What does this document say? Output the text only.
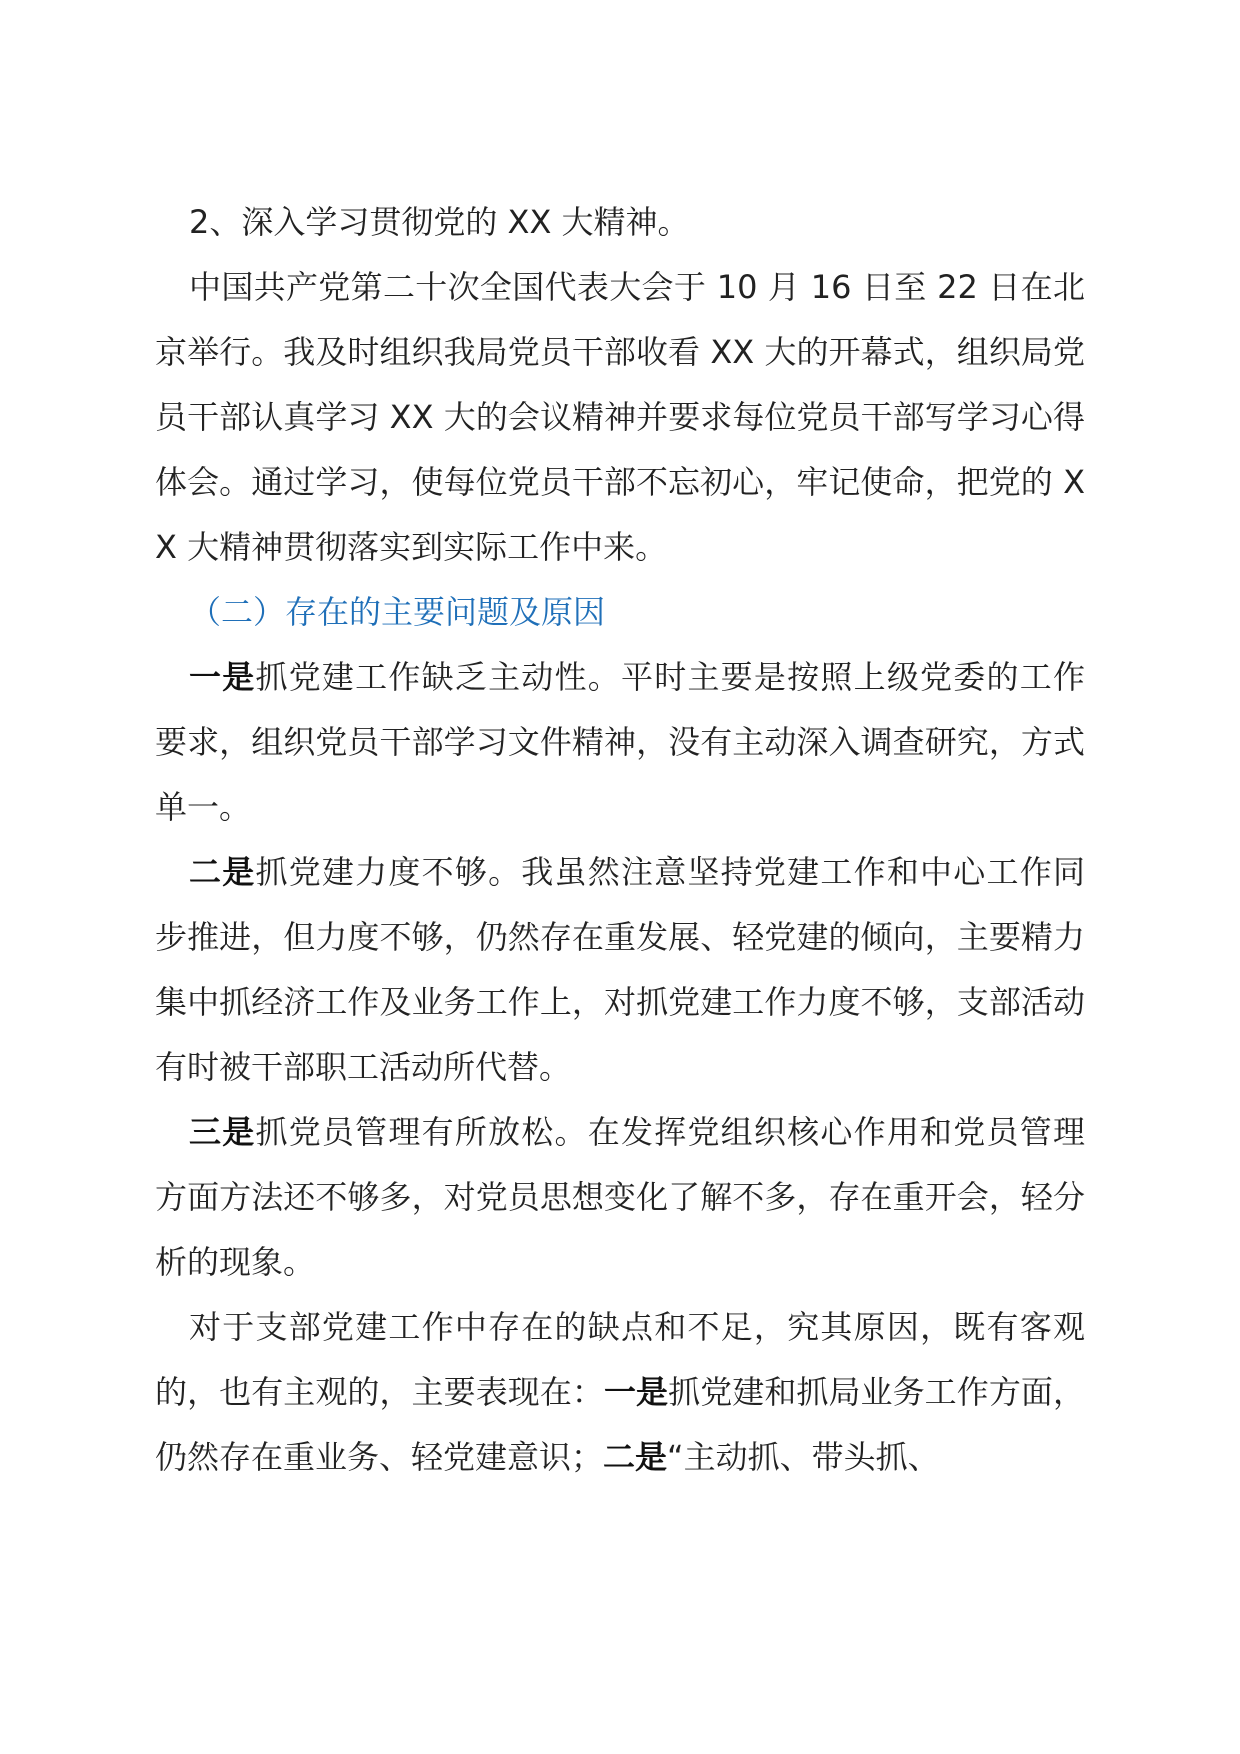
2、深入学习贯彻党的 XX 大精神。

中国共产党第二十次全国代表大会于 10 月 16 日至 22 日在北京举行。我及时组织我局党员干部收看 XX 大的开幕式，组织局党员干部认真学习 XX 大的会议精神并要求每位党员干部写学习心得体会。通过学习，使每位党员干部不忘初心，牢记使命，把党的 XX 大精神贯彻落实到实际工作中来。

（二）存在的主要问题及原因

一是抓党建工作缺乏主动性。平时主要是按照上级党委的工作要求，组织党员干部学习文件精神，没有主动深入调查研究，方式单一。

二是抓党建力度不够。我虽然注意坚持党建工作和中心工作同步推进，但力度不够，仍然存在重发展、轻党建的倾向，主要精力集中抓经济工作及业务工作上，对抓党建工作力度不够，支部活动有时被干部职工活动所代替。

三是抓党员管理有所放松。在发挥党组织核心作用和党员管理方面方法还不够多，对党员思想变化了解不多，存在重开会，轻分析的现象。

对于支部党建工作中存在的缺点和不足，究其原因，既有客观的，也有主观的，主要表现在：一是抓党建和抓局业务工作方面，仍然存在重业务、轻党建意识；二是“主动抓、带头抓、
